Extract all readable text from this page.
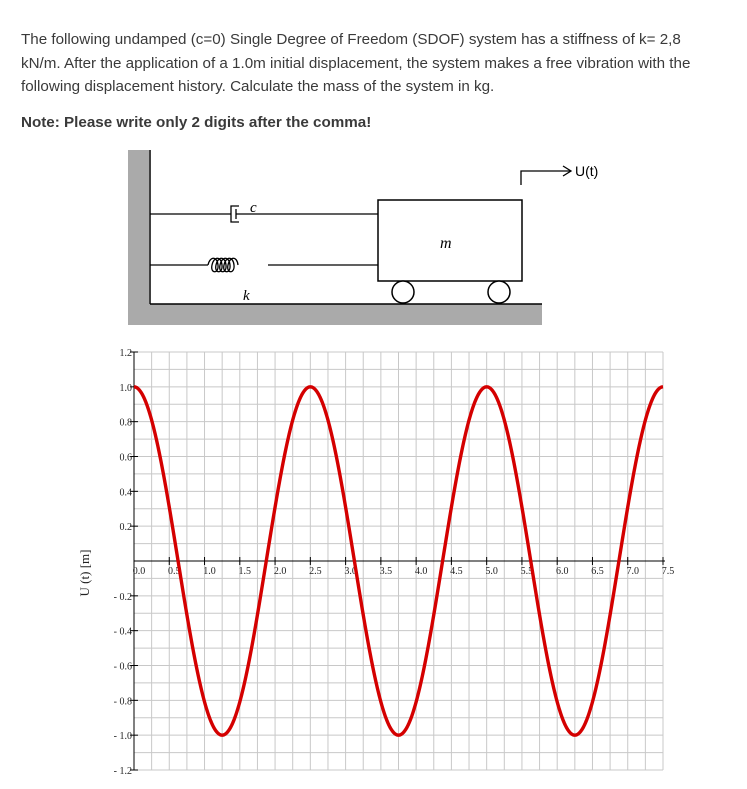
The following undamped (c=0) Single Degree of Freedom (SDOF) system has a stiffness of k= 2,8 kN/m. After the application of a 1.0m initial displacement, the system makes a free vibration with the following displacement history. Calculate the mass of the system in kg.

Note: Please write only 2 digits after the comma!

c
k
m
U(t)
0.0 0.5 1.0 1.5 2.0 2.5 3.0 3.5 4.0 4.5 5.0 5.5 6.0 6.5 7.0 7.5
1.2
1.0
0.8
0.6
0.4
0.2
- 0.2
- 0.4
- 0.6
- 0.8
- 1.0
- 1.2
U (t) [m]
